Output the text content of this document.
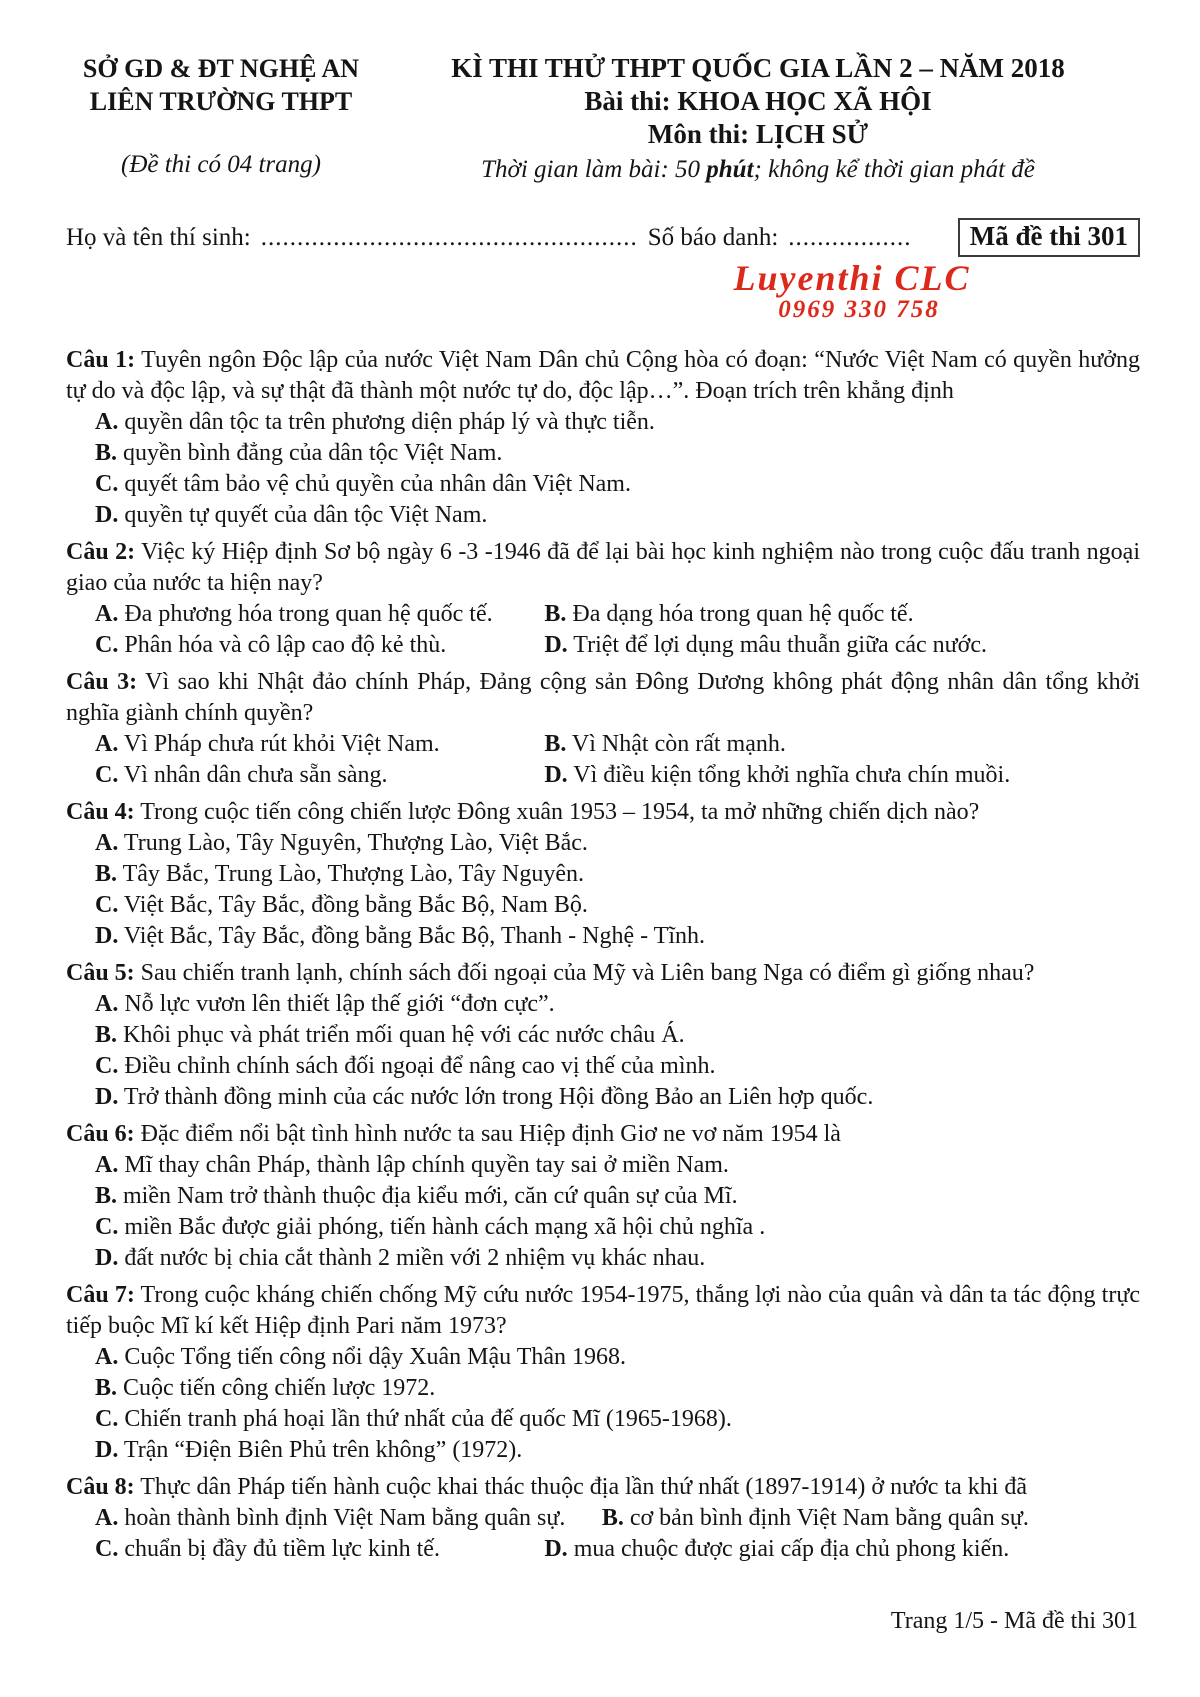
SỞ GD & ĐT NGHỆ AN
LIÊN TRƯỜNG THPT
(Đề thi có 04 trang)
KÌ THI THỬ THPT QUỐC GIA LẦN 2 – NĂM 2018
Bài thi: KHOA HỌC XÃ HỘI
Môn thi: LỊCH SỬ
Thời gian làm bài: 50 phút; không kể thời gian phát đề
Họ và tên thí sinh: .................................................... Số báo danh: .................	Mã đề thi 301
Luyenthi CLC
0969 330 758
Câu 1: Tuyên ngôn Độc lập của nước Việt Nam Dân chủ Cộng hòa có đoạn: “Nước Việt Nam có quyền hưởng tự do và độc lập, và sự thật đã thành một nước tự do, độc lập…”. Đoạn trích trên khẳng định
A. quyền dân tộc ta trên phương diện pháp lý và thực tiễn.
B. quyền bình đẳng của dân tộc Việt Nam.
C. quyết tâm bảo vệ chủ quyền của nhân dân Việt Nam.
D. quyền tự quyết của dân tộc Việt Nam.
Câu 2: Việc ký Hiệp định Sơ bộ ngày 6 -3 -1946 đã để lại bài học kinh nghiệm nào trong cuộc đấu tranh ngoại giao của nước ta hiện nay?
A. Đa phương hóa trong quan hệ quốc tế.	B. Đa dạng hóa trong quan hệ quốc tế.
C. Phân hóa và cô lập cao độ kẻ thù.	D. Triệt để lợi dụng mâu thuẫn giữa các nước.
Câu 3: Vì sao khi Nhật đảo chính Pháp, Đảng cộng sản Đông Dương không phát động nhân dân tổng khởi nghĩa giành chính quyền?
A. Vì Pháp chưa rút khỏi Việt Nam.	B. Vì Nhật còn rất mạnh.
C. Vì nhân dân chưa sẵn sàng.	D. Vì điều kiện tổng khởi nghĩa chưa chín muồi.
Câu 4: Trong cuộc tiến công chiến lược Đông xuân 1953 – 1954, ta mở những chiến dịch nào?
A. Trung Lào, Tây Nguyên, Thượng Lào, Việt Bắc.
B. Tây Bắc, Trung Lào, Thượng Lào, Tây Nguyên.
C. Việt Bắc, Tây Bắc, đồng bằng Bắc Bộ, Nam Bộ.
D. Việt Bắc, Tây Bắc, đồng bằng Bắc Bộ, Thanh - Nghệ - Tĩnh.
Câu 5: Sau chiến tranh lạnh, chính sách đối ngoại của Mỹ và Liên bang Nga có điểm gì giống nhau?
A. Nỗ lực vươn lên thiết lập thế giới “đơn cực”.
B. Khôi phục và phát triển mối quan hệ với các nước châu Á.
C. Điều chỉnh chính sách đối ngoại để nâng cao vị thế của mình.
D. Trở thành đồng minh của các nước lớn trong Hội đồng Bảo an Liên hợp quốc.
Câu 6: Đặc điểm nổi bật tình hình nước ta sau Hiệp định Giơ ne vơ năm 1954 là
A. Mĩ thay chân Pháp, thành lập chính quyền tay sai ở miền Nam.
B. miền Nam trở thành thuộc địa kiểu mới, căn cứ quân sự của Mĩ.
C. miền Bắc được giải phóng, tiến hành cách mạng xã hội chủ nghĩa .
D. đất nước bị chia cắt thành 2 miền với 2 nhiệm vụ khác nhau.
Câu 7: Trong cuộc kháng chiến chống Mỹ cứu nước 1954-1975, thắng lợi nào của quân và dân ta tác động trực tiếp buộc Mĩ kí kết Hiệp định Pari năm 1973?
A. Cuộc Tổng tiến công nổi dậy Xuân Mậu Thân 1968.
B. Cuộc tiến công chiến lược 1972.
C. Chiến tranh phá hoại lần thứ nhất của đế quốc Mĩ (1965-1968).
D. Trận “Điện Biên Phủ trên không” (1972).
Câu 8: Thực dân Pháp tiến hành cuộc khai thác thuộc địa lần thứ nhất (1897-1914) ở nước ta khi đã
A. hoàn thành bình định Việt Nam bằng quân sự.	B. cơ bản bình định Việt Nam bằng quân sự.
C. chuẩn bị đầy đủ tiềm lực kinh tế.	D. mua chuộc được giai cấp địa chủ phong kiến.
Trang 1/5 - Mã đề thi 301
